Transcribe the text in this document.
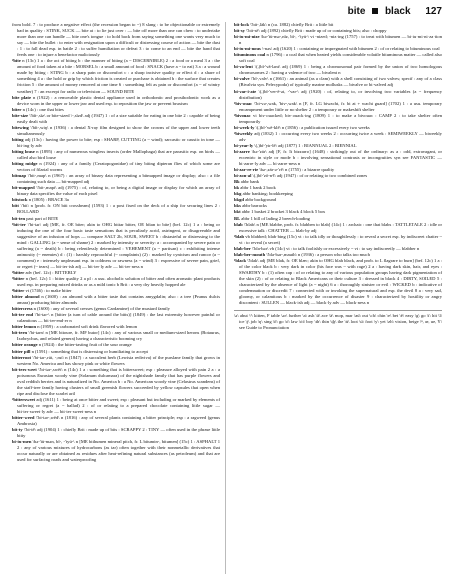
bite black 127

from bold. 7 : to produce a negative effect (the recession began to ~) 8 slang : to be objectionable or extremely bad in quality : STINK, SUCK — bite at : to lie just over : — bite off more than one can chew : to undertake more than one can handle — bite one's tongue : to hold back from saying something one wants very much to say — bite the bullet : to enter with resignation upon a difficult or distressing course of action — bite the dust : 1 : to fall dead esp. in battle 2 : to suffer humiliation or defeat 3 : to come to an end — bite the hand that feeds one : to injure a benefactor maliciously

²bite n (13c) 1 a : the act of biting b : the manner of biting (a ~ DISCERNIBLE) 2 : a food or a meal 3 a : the amount of food taken at a bite : MORSEL b : a small amount of food : SNACK (have a ~ to eat) 3 a : a wound made by biting : STING b : a sharp pain or discomfort c : a sharp incisive quality or effect d : a share of something 4 a : the hold or grip by which friction is created or purchase is obtained b : the surface that creates friction 5 : the amount of money removed at one time 6 : something felt as pain or discomfort (a ~ of wintry weather) 7 : an excerpt for radio or television — SOUND BITE

bite plate n (1922) : a removable plastic dental appliance used in orthodontic and prosthodontic work as a device worn in the upper or lower jaw and used esp. to reposition the jaw or prevent bruxism

biter n (14c) : one that bites

bite-size \'bīt-,sīz\ or bite-sized \-,sīzd\ adj (1947) 1 : of a size suitable for eating in one bite 2 : capable of being easily dealt with

bitewing \'bīt-,wiŋ\ n (1936) : a dental X-ray film designed to show the crowns of the upper and lower teeth simultaneously

biting adj (13c) : having the power to bite; esp : SHARP, CUTTING (a ~ wind); sarcastic or caustic in tone — bit·ing·ly adv

biting louse n (1895) : any of numerous wingless insects (order Mallophaga) that are parasitic esp. on birds — called also bird louse

biting midge n (1924) : any of a family (Ceratopogonidae) of tiny biting dipteran flies of which some are vectors of filarial worms

bitmap \'bit-,map\ n (1967) : an array of binary data representing a bitmapped image or display; also : a file containing such data — bit-mapped adj

bit-mapped \'bit-,mapt\ adj (1975) : of, relating to, or being a digital image or display for which an array of binary data specifies the value of each pixel

bitstock n (1805) : BRACE 3a

bitt \'bit\ n [prob. fr. ON biti crossbeam] (1593) 1 : a post fixed on the deck of a ship for securing lines 2 : BOLLARD

bit·ten past part of BITE

¹bit·ter \'bi-tər\ adj [ME, fr. OE biter; akin to OHG bittar bitter, OE bītan to bite] (bef. 12c) 1 a : being or inducing the one of the four basic taste sensations that is peculiarly acrid, astringent, or disagreeable and suggestive of an infusion of hops — compare SALT 2b, SOUR, SWEET b : distasteful or distressing to the mind : GALLING (a ~ sense of shame) 2 : marked by intensity or severity: a : accompanied by severe pain or suffering (a ~ death) b : being relentlessly determined : VEHEMENT (a ~ partisan) c : exhibiting intense animosity (~ enemies) d : (1) : harshly reproachful (~ complaints) (2) : marked by cynicism and rancor (a ~ comment) e : intensely unpleasant esp. in coldness or rawness (a ~ wind) 3 : expressive of severe pain, grief, or regret (~ tears) — bit·ter·ish adj — bit·ter·ly adv — bit·ter·ness n

²bitter adv (bef. 12c) : BITTERLY

³bitter n (bef. 12c) 1 : bitter quality 2 a pl : a usu. alcoholic solution of bitter and often aromatic plant products used esp. in preparing mixed drinks or as a mild tonic b Brit : a very dry heavily hopped ale

⁴bitter vt (1746) : to make bitter

bitter almond n (1600) : an almond with a bitter taste that contains amygdalin; also : a tree (Prunus dulcis amara) producing bitter almonds

bittercress n (1600) : any of several cresses (genus Cardamine) of the mustard family

bit·ter end \'bi-tər-\ n [bitter (a turn of cable around the bitts)] (1849) : the last extremity however painful or calamitous — bit·ter-end·er n

bitter lemon n (1959) : a carbonated soft drink flavored with lemon

bit·tern \'bi-tərn\ n [ME bitoure, fr. MF butor] (14c) : any of various small or medium-sized herons (Botaurus, Ixobrychus, and related genera) having a characteristic booming cry

bitter orange n (1924) : the bitter-tasting fruit of the sour orange

bitter pill n (1591) : something that is distressing or humiliating to accept

bitterroot \'bi-tər-,rüt, -,rut\ n (1847) : a succulent herb (Lewisia rediviva) of the purslane family that grows in western No. America and has showy pink or white flowers

bit·ters·weet \'bi-tər-,swēt\ n (14c) 1 a : something that is bittersweet; esp : pleasure alloyed with pain 2 a : a poisonous Eurasian woody vine (Solanum dulcamara) of the nightshade family that has purple flowers and oval reddish berries and is naturalized in No. America b : a No. American woody vine (Celastrus scandens) of the staff-tree family having clusters of small greenish flowers succeeded by yellow capsules that open when ripe and disclose the scarlet aril

²bittersweet adj (1611) 1 : being at once bitter and sweet; esp : pleasant but including or marked by elements of suffering or regret (a ~ ballad) 2 : of or relating to a prepared chocolate containing little sugar — bit·ter·sweet·ly adv — bit·ter·sweet·ness n

bitter·weed \'bi-tər-,wēd\ n (1816) : any of several plants containing a bitter principle; esp : a ragweed (genus Ambrosia)

bit·ty \'bi-tē\ adj (1904) 1 : chiefly Brit : made up of bits : SCRAPPY 2 : TINY — often used in the phrase little bitty

bi·tu·men \bə-'tü-mən, bī-, -'tyü-\ n [ME bithumen mineral pitch, fr. L bitumin-, bitumen] (15c) 1 : ASPHALT 1 2 : any of various mixtures of hydrocarbons (as tar) often together with their nonmetallic derivatives that occur naturally or are obtained as residues after heat-refining natural substances (as petroleum) and that are used for surfacing roads and waterproofing

bit·lock \'bit-,läk\ n (ca. 1882) chiefly Brit : a little bit

bit·sy \'bit-sē\ adj (1892) chiefly Brit : made up of or containing bits; also : choppy

bi·tu·mi·nize \bə-'tü-mə-,nīz, bī-, -'tyü-\ vt -nized; -niz·ing (1757) : to treat with bitumen — bi·tu·mi·ni·za·tion n

bi·tu·mi·nous \-nəs\ adj (1620) 1 : containing or impregnated with bitumen 2 : of or relating to bituminous coal

bituminous coal n (1796) : a coal that when heated yields considerable volatile bituminous matter — called also soft coal

bi·va·lent \(,)bī-'vā-lənt\ adj (1869) 1 : being a chromosomal pair formed by the union of two homologous chromosomes 2 : having a valence of two — bivalent n

bi·valve \'bī-,valv\ n (1661) : an animal (as a clam) with a shell consisting of two valves; specif : any of a class (Bivalvia syn. Pelecypoda) of typically marine mollusks — bivalve or bi·valved adj

bi·var·i·ate \(,)bī-'ver-ē-ət, -'var-\ adj (1920) : of, relating to, or involving two variables (a ~ frequency distribution)

¹biv·ouac \'bi-və-,wak, 'biv-,wak\ n [F, fr. LG biwacht, fr. bi at + wacht guard] (1702) 1 : a usu. temporary encampment under little or no shelter 2 : a temporary or makeshift shelter

²bivouac vi biv·ouacked; biv·ouack·ing (1809) 1 : to make a bivouac : CAMP 2 : to take shelter often temporarily

bi·week·ly \(,)bī-'wē-klē\ n (1856) : a publication issued every two weeks

²biweekly adj (1832) 1 : occurring every two weeks 2 : occurring twice a week : SEMIWEEKLY — biweekly adv

bi·year·ly \(,)bī-'yir-lē\ adj (1877) 1 : BIANNUAL 2 : BIENNIAL

bi·zarre \bə-'zär\ adj [F, fr. It bizzarro] (1648) : strikingly out of the ordinary: as a : odd, extravagant, or eccentric in style or mode b : involving sensational contrasts or incongruities syn see FANTASTIC — bi·zarre·ly adv — bi·zarre·ness n

bi·zar·re·rie \bə-,zär-ə-'rē\ n (1755) : a bizarre quality

bi·zon·al \(,)bī-'zō-nᵊl\ adj (1947) : of or relating to two combined zones

Bk abbr bank

bk abbr 1 bank 2 book

bkg abbr banking; bookkeeping

bkgd abbr background

bks abbr barracks

bkt abbr 1 basket 2 bracket 3 black 4 block 5 box

BL abbr 1 bill of lading 2 breech-loading

blab \'blab\ n [ME blabbe, prob. fr. blabben to blab] (14c) 1 : archaic : one that blabs : TATTLETALE 2 : idle or excessive talk : CHATTER — blab·by adj

²blab vb blabbed; blab·bing (15c) vt : to talk idly or thoughtlessly : to reveal a secret esp. by indiscreet chatter ~ vi : to reveal (a secret)

blab·ber \'bla-bər\ vb (14c) vi : to talk foolishly or excessively ~ vt : to say indiscreetly — blabber n

blab·ber·mouth \'bla-bər-,mauth\ n (1936) : a person who talks too much

¹black \'blak\ adj [ME blak, fr. OE blæc; akin to OHG blah black, and prob. to L flagrare to burn] (bef. 12c) 1 a : of the color black b : very dark in color (his face was ~ with rage) 2 a : having dark skin, hair, and eyes : SWARTHY b : (1) often cap : of or relating to any of various population groups having dark pigmentation of the skin (2) : of or relating to Black Americans or their culture 3 : dressed in black 4 : DIRTY, SOILED 5 : characterized by the absence of light (a ~ night) 6 a : thoroughly sinister or evil : WICKED b : indicative of condemnation or discredit 7 : connected with or invoking the supernatural and esp. the devil 8 a : very sad, gloomy, or calamitous b : marked by the occurrence of disaster 9 : characterized by hostility or angry discontent : SULLEN — black·ish adj — black·ly adv — black·ness n

\ə\ abut \ᵊ\ kitten, F table \ər\ further \a\ ash \ā\ ace \ä\ mop, mar \au̇\ out \ch\ chin \e\ bet \ē\ easy \g\ go \i\ hit \ī\ ice \j\ job \ŋ\ sing \ō\ go \ȯ\ law \ȯi\ boy \th\ thin \t͟h\ the \ü\ loot \u̇\ foot \y\ yet \zh\ vision, beige \ⁿ, œ, ue, Y\ see Guide to Pronunciation
